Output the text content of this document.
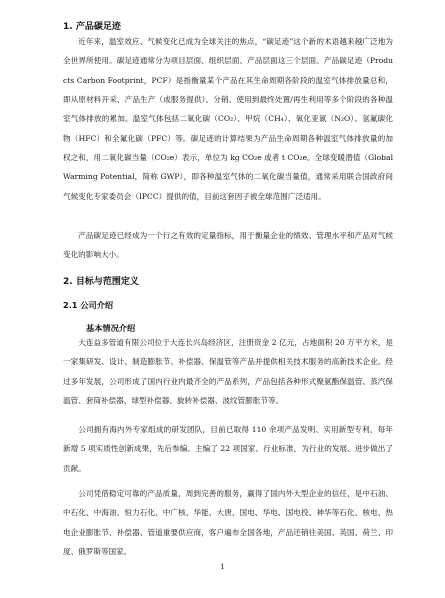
1. 产品碳足迹
近年来，温室效应、气候变化已成为全球关注的焦点，“碳足迹”这个新的术语越来越广泛地为全世界所使用。碳足迹通常分为项目层面、组织层面、产品层面这三个层面。产品碳足迹（Products Carbon Footprint，PCF）是指衡量某个产品在其生命周期各阶段的温室气体排放量总和，即从原材料开采、产品生产（或服务提供）、分销、使用到最终处置/再生利用等多个阶段的各种温室气体排放的累加。温室气体包括二氧化碳（CO₂）、甲烷（CH₄）、氧化亚氮（N₂O）、氢氟碳化物（HFC）和全氟化碳（PFC）等。碳足迹的计算结果为产品生命周期各种温室气体排放量的加权之和，用二氧化碳当量（CO₂e）表示，单位为 kg CO₂e 或者 t CO₂e。全球变暖潜值（Global Warming Potential，简称 GWP），即各种温室气体的二氧化碳当量值，通常采用联合国政府间气候变化专家委员会（IPCC）提供的值，目前这套因子被全球范围广泛适用。
产品碳足迹已经成为一个行之有效的定量指标，用于衡量企业的绩效、管理水平和产品对气候变化的影响大小。
2. 目标与范围定义
2.1 公司介绍
基本情况介绍
大连益多管道有限公司位于大连长兴岛经济区，注册资金 2 亿元，占地面积 20 万平方米，是一家集研发、设计、制造膨胀节、补偿器、保温管等产品并提供相关技术服务的高新技术企业。经过多年发展，公司形成了国内行业内最齐全的产品系列，产品包括各种形式聚氨酯保温管、蒸汽保温管、套筒补偿器、球型补偿器、旋转补偿器、波纹管膨胀节等。
公司拥有海内外专家组成的研发团队，目前已取得 110 余项产品发明、实用新型专利，每年新增 5 项实质性创新成果，先后参编、主编了 22 项国家、行业标准，为行业的发展、进步做出了贡献。
公司凭借稳定可靠的产品质量，周到完善的服务，赢得了国内外大型企业的信任，是中石油、中石化、中海油、恒力石化、中广核、华能、大唐、国电、华电、国电投、神华等石化、核电、热电企业膨胀节、补偿器、管道重要供应商，客户遍布全国各地，产品还销往美国、英国、荷兰、印度、俄罗斯等国家。
1
